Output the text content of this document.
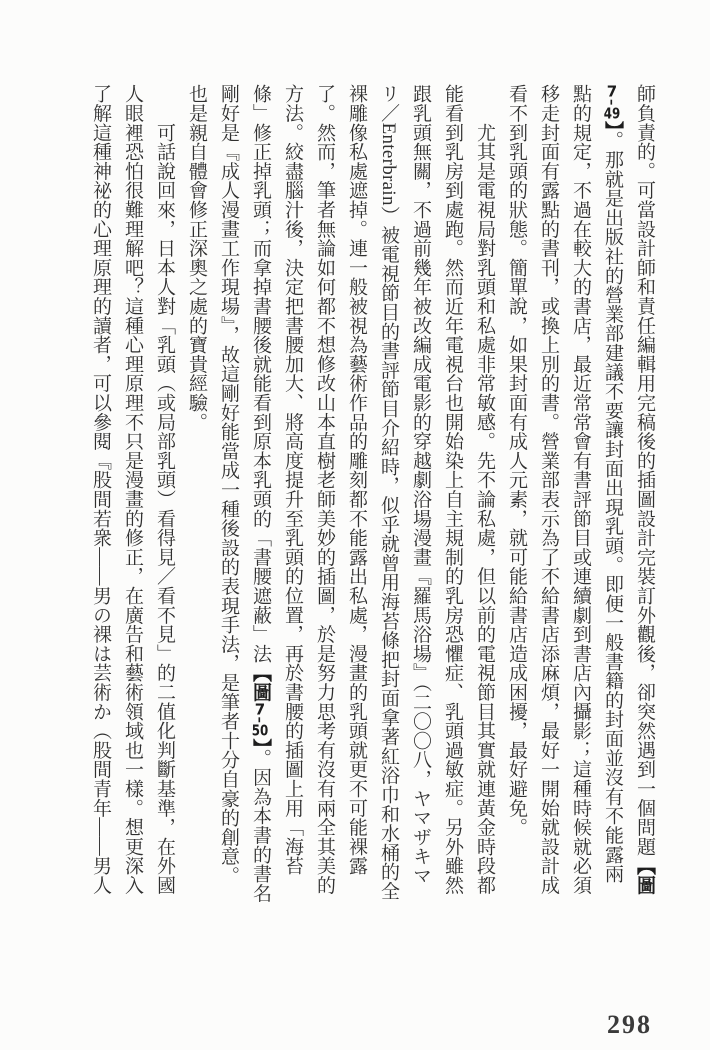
師負責的。可當設計師和責任編輯用完稿後的插圖設計完裝訂外觀後，卻突然遇到一個問題【圖

7-49】。那就是出版社的營業部建議不要讓封面出現乳頭。即便一般書籍的封面並沒有不能露兩

點的規定，不過在較大的書店，最近常常會有書評節目或連續劇到書店內攝影；這種時候就必須

移走封面有露點的書刊，或換上別的書。營業部表示為了不給書店添麻煩，最好一開始就設計成

看不到乳頭的狀態。簡單說，如果封面有成人元素，就可能給書店造成困擾，最好避免。

　　尤其是電視局對乳頭和私處非常敏感。先不論私處，但以前的電視節目其實就連黃金時段都

能看到乳房到處跑。然而近年電視台也開始染上自主規制的乳房恐懼症、乳頭過敏症。另外雖然

跟乳頭無關，不過前幾年被改編成電影的穿越劇浴場漫畫『羅馬浴場』（二〇〇八，ヤマザキマ

リ／Enterbrain）被電視節目的書評節目介紹時，似乎就曾用海苔條把封面拿著紅浴巾和水桶的全

裸雕像私處遮掉。連一般被視為藝術作品的雕刻都不能露出私處，漫畫的乳頭就更不可能裸露

了。然而，筆者無論如何都不想修改山本直樹老師美妙的插圖，於是努力思考有沒有兩全其美的

方法。絞盡腦汁後，決定把書腰加大、將高度提升至乳頭的位置，再於書腰的插圖上用「海苔

條」修正掉乳頭；而拿掉書腰後就能看到原本乳頭的「書腰遮蔽」法【圖7-50】。因為本書的書名

剛好是『成人漫畫工作現場』，故這剛好能當成一種後設的表現手法，是筆者十分自豪的創意。

也是親自體會修正深奧之處的寶貴經驗。

　　可話說回來，日本人對「乳頭（或局部乳頭）看得見／看不見」的二值化判斷基準，在外國

人眼裡恐怕很難理解吧？這種心理原理不只是漫畫的修正，在廣告和藝術領域也一樣。想更深入

了解這種神祕的心理原理的讀者，可以參閱『股間若衆——男の裸は芸術か（股間青年——男人

298
